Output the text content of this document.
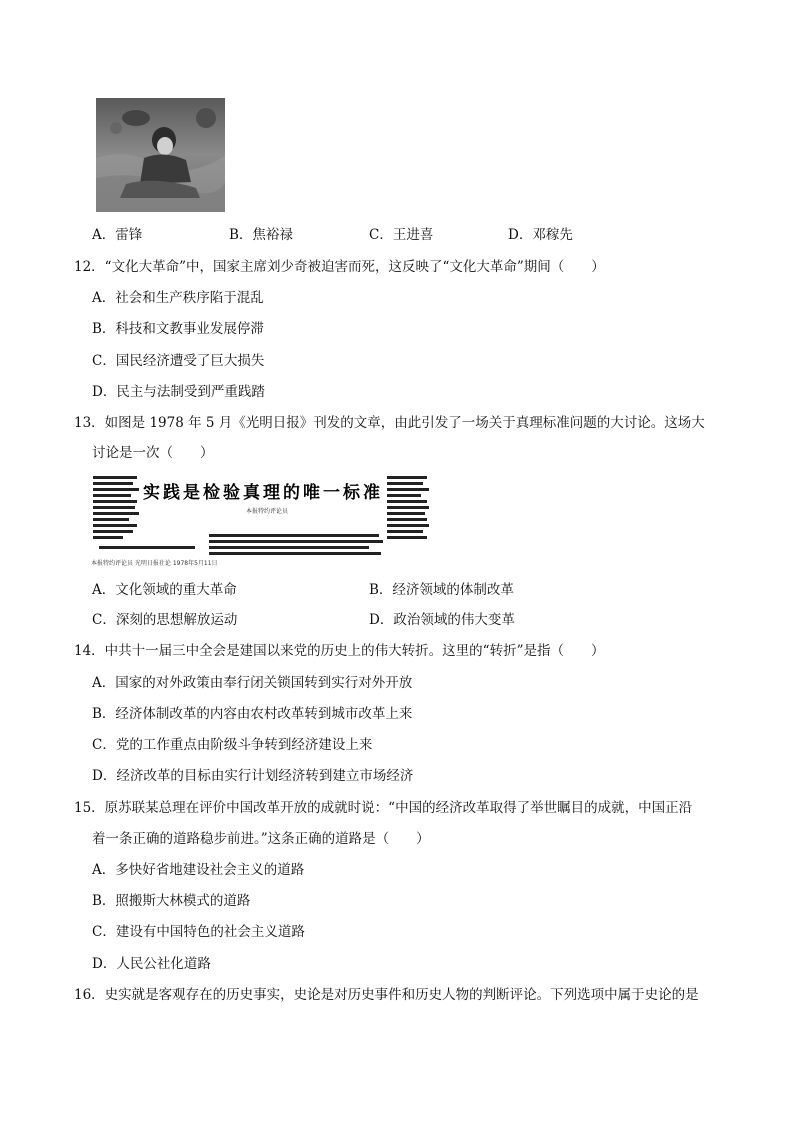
A．雷锋	B．焦裕禄	C．王进喜	D．邓稼先
12．“文化大革命”中，国家主席刘少奇被迫害而死，这反映了“文化大革命”期间（　　）
A．社会和生产秩序陷于混乱
B．科技和文教事业发展停滞
C．国民经济遭受了巨大损失
D．民主与法制受到严重践踏
13．如图是 1978 年 5 月《光明日报》刊发的文章，由此引发了一场关于真理标准问题的大讨论。这场大
讨论是一次（　　）
实践是检验真理的唯一标准
本报特约评论员
本报特约评论员 光明日报社论 1978年5月11日
A．文化领域的重大革命	B．经济领域的体制改革
C．深刻的思想解放运动	D．政治领域的伟大变革
14．中共十一届三中全会是建国以来党的历史上的伟大转折。这里的“转折”是指（　　）
A．国家的对外政策由奉行闭关锁国转到实行对外开放
B．经济体制改革的内容由农村改革转到城市改革上来
C．党的工作重点由阶级斗争转到经济建设上来
D．经济改革的目标由实行计划经济转到建立市场经济
15．原苏联某总理在评价中国改革开放的成就时说：“中国的经济改革取得了举世瞩目的成就，中国正沿
着一条正确的道路稳步前进。”这条正确的道路是（　　）
A．多快好省地建设社会主义的道路
B．照搬斯大林模式的道路
C．建设有中国特色的社会主义道路
D．人民公社化道路
16．史实就是客观存在的历史事实，史论是对历史事件和历史人物的判断评论。下列选项中属于史论的是
